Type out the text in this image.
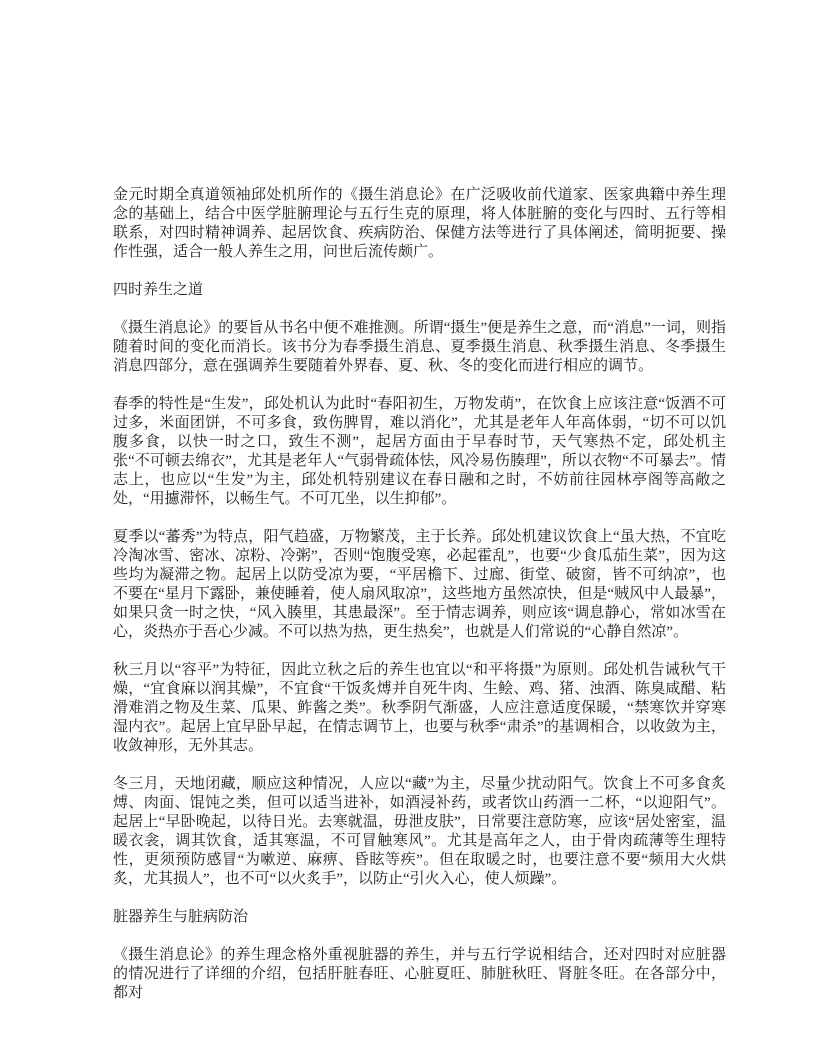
金元时期全真道领袖邱处机所作的《摄生消息论》在广泛吸收前代道家、医家典籍中养生理念的基础上，结合中医学脏腑理论与五行生克的原理，将人体脏腑的变化与四时、五行等相联系，对四时精神调养、起居饮食、疾病防治、保健方法等进行了具体阐述，简明扼要、操作性强，适合一般人养生之用，问世后流传颇广。

四时养生之道

《摄生消息论》的要旨从书名中便不难推测。所谓“摄生”便是养生之意，而“消息”一词，则指随着时间的变化而消长。该书分为春季摄生消息、夏季摄生消息、秋季摄生消息、冬季摄生消息四部分，意在强调养生要随着外界春、夏、秋、冬的变化而进行相应的调节。

春季的特性是“生发”，邱处机认为此时“春阳初生，万物发萌”，在饮食上应该注意“饭酒不可过多，米面团饼，不可多食，致伤脾胃，难以消化”，尤其是老年人年高体弱，“切不可以饥腹多食，以快一时之口，致生不测”，起居方面由于早春时节，天气寒热不定，邱处机主张“不可顿去绵衣”，尤其是老年人“气弱骨疏体怯，风冷易伤腠理”，所以衣物“不可暴去”。情志上，也应以“生发”为主，邱处机特别建议在春日融和之时，不妨前往园林亭阁等高敞之处，“用攄滞怀，以畅生气。不可兀坐，以生抑郁”。

夏季以“蕃秀”为特点，阳气趋盛，万物繁茂，主于长养。邱处机建议饮食上“虽大热，不宜吃冷淘冰雪、密冰、凉粉、冷粥”，否则“饱腹受寒，必起霍乱”，也要“少食瓜茄生菜”，因为这些均为凝滞之物。起居上以防受凉为要，“平居檐下、过廊、街堂、破窗，皆不可纳凉”，也不要在“星月下露卧，兼使睡着，使人扇风取凉”，这些地方虽然凉快，但是“贼风中人最暴”，如果只贪一时之快，“风入腠里，其患最深”。至于情志调养，则应该“调息静心，常如冰雪在心，炎热亦于吾心少减。不可以热为热，更生热矣”，也就是人们常说的“心静自然凉”。

秋三月以“容平”为特征，因此立秋之后的养生也宜以“和平将摄”为原则。邱处机告诫秋气干燥，“宜食麻以润其燥”，不宜食“干饭炙煿并自死牛肉、生鲙、鸡、猪、浊酒、陈臭咸醋、粘滑难消之物及生菜、瓜果、鲊酱之类”。秋季阴气渐盛，人应注意适度保暖，“禁寒饮并穿寒湿内衣”。起居上宜早卧早起，在情志调节上，也要与秋季“肃杀”的基调相合，以收敛为主，收敛神形，无外其志。

冬三月，天地闭藏，顺应这种情况，人应以“藏”为主，尽量少扰动阳气。饮食上不可多食炙煿、肉面、馄饨之类，但可以适当进补，如酒浸补药，或者饮山药酒一二杯，“以迎阳气”。起居上“早卧晚起，以待日光。去寒就温，毋泄皮肤”，日常要注意防寒，应该“居处密室，温暖衣衾，调其饮食，适其寒温，不可冒触寒风”。尤其是高年之人，由于骨肉疏薄等生理特性，更须预防感冒“为嗽逆、麻痹、昏眩等疾”。但在取暖之时，也要注意不要“频用大火烘炙，尤其损人”，也不可“以火炙手”，以防止“引火入心，使人烦躁”。

脏器养生与脏病防治

《摄生消息论》的养生理念格外重视脏器的养生，并与五行学说相结合，还对四时对应脏器的情况进行了详细的介绍，包括肝脏春旺、心脏夏旺、肺脏秋旺、肾脏冬旺。在各部分中，都对
